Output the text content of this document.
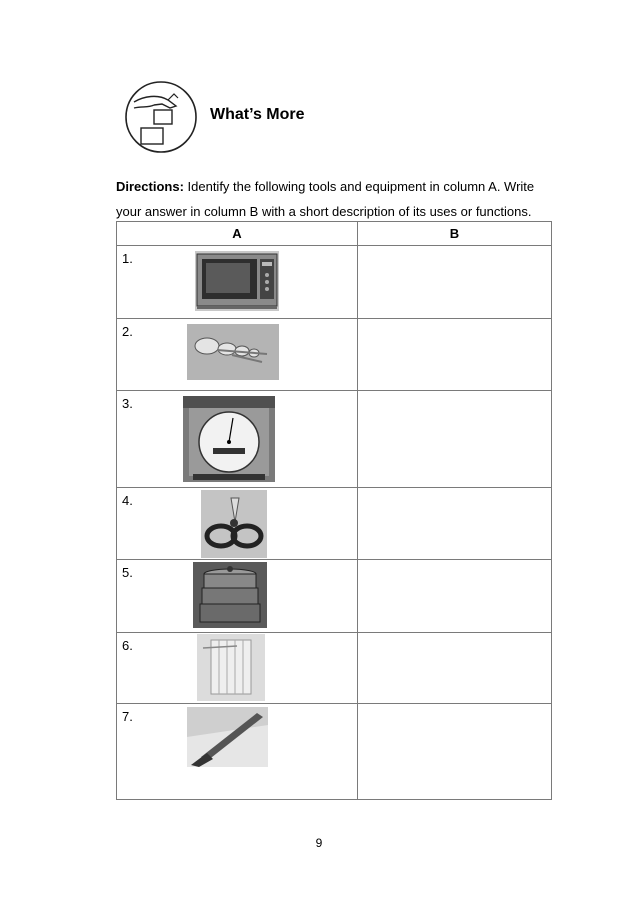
What’s More
Directions: Identify the following tools and equipment in column A. Write your answer in column B with a short description of its uses or functions.
A	B

1.	

2.	

3.	

4.	

5.	

6.	

7.	

9
